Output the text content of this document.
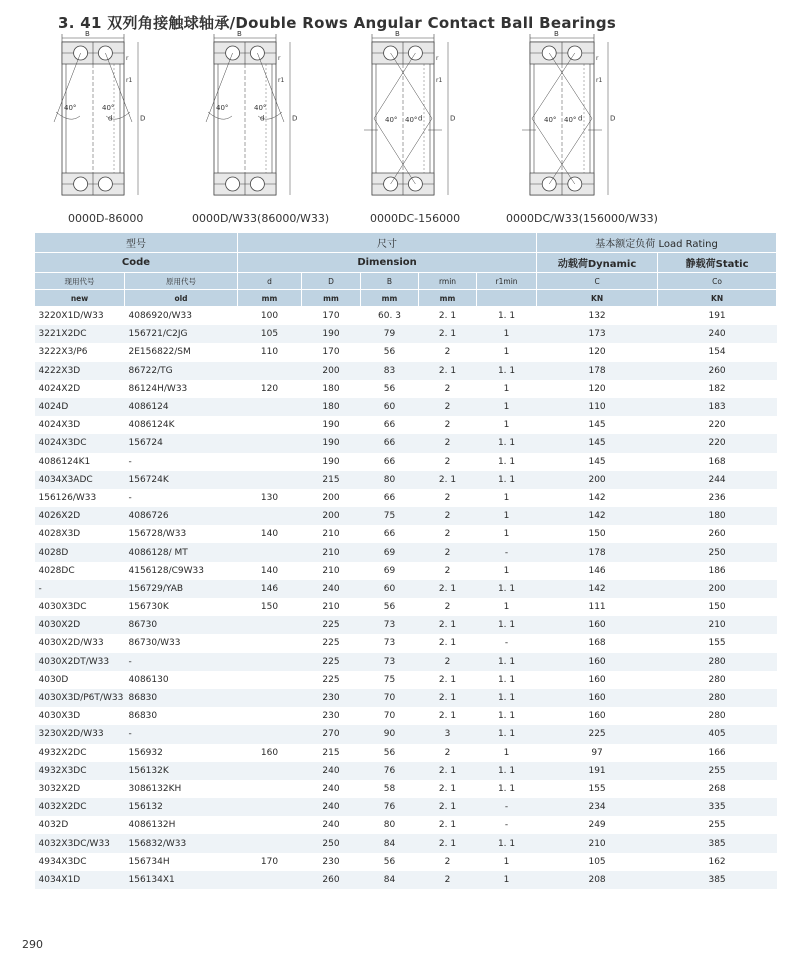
3. 41 双列角接触球轴承/Double Rows Angular Contact Ball Bearings
B
40°	40°
r
r1
D
d
B
40°	40°
r
r1
D
d
B
40° 40°
r
r1
D
d
B
40° 40°
r
r1
D
d
0000D-86000	0000D/W33(86000/W33)	0000DC-156000	0000DC/W33(156000/W33)
型号		尺寸					基本额定负荷 Load Rating	
Code		Dimension					动载荷Dynamic	静载荷Static
现用代号	原用代号	d	D	B	rmin	r1min	C	Co
new	old	mm	mm	mm	mm		KN	KN
3220X1D/W33	4086920/W33	100	170	60. 3	2. 1	1. 1	132	191
3221X2DC	156721/C2JG	105	190	79	2. 1	1	173	240
3222X3/P6	2E156822/SM	110	170	56	2	1	120	154
4222X3D	86722/TG		200	83	2. 1	1. 1	178	260
4024X2D	86124H/W33	120	180	56	2	1	120	182
4024D	4086124		180	60	2	1	110	183
4024X3D	4086124K		190	66	2	1	145	220
4024X3DC	156724		190	66	2	1. 1	145	220
4086124K1	-		190	66	2	1. 1	145	168
4034X3ADC	156724K		215	80	2. 1	1. 1	200	244
156126/W33	-	130	200	66	2	1	142	236
4026X2D	4086726		200	75	2	1	142	180
4028X3D	156728/W33	140	210	66	2	1	150	260
4028D	4086128/ MT		210	69	2	-	178	250
4028DC	4156128/C9W33	140	210	69	2	1	146	186
-	156729/YAB	146	240	60	2. 1	1. 1	142	200
4030X3DC	156730K	150	210	56	2	1	111	150
4030X2D	86730		225	73	2. 1	1. 1	160	210
4030X2D/W33	86730/W33		225	73	2. 1	-	168	155
4030X2DT/W33	-		225	73	2	1. 1	160	280
4030D	4086130		225	75	2. 1	1. 1	160	280
4030X3D/P6T/W33	86830		230	70	2. 1	1. 1	160	280
4030X3D	86830		230	70	2. 1	1. 1	160	280
3230X2D/W33	-		270	90	3	1. 1	225	405
4932X2DC	156932	160	215	56	2	1	97	166
4932X3DC	156132K		240	76	2. 1	1. 1	191	255
3032X2D	3086132KH		240	58	2. 1	1. 1	155	268
4032X2DC	156132		240	76	2. 1	-	234	335
4032D	4086132H		240	80	2. 1	-	249	255
4032X3DC/W33	156832/W33		250	84	2. 1	1. 1	210	385
4934X3DC	156734H	170	230	56	2	1	105	162
4034X1D	156134X1		260	84	2	1	208	385
290
